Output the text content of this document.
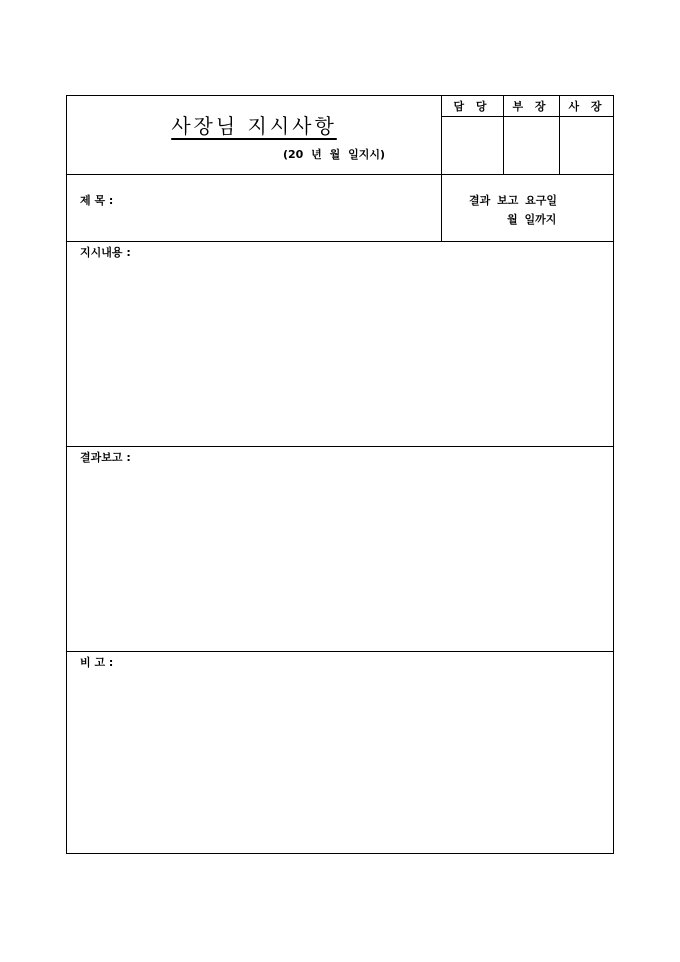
사장님 지시사항
(20 년 월 일지시)
담 당	부 장	사 장
제 목 :	결과 보고 요구일
월 일까지
지시내용 :
결과보고 :
비 고 :
